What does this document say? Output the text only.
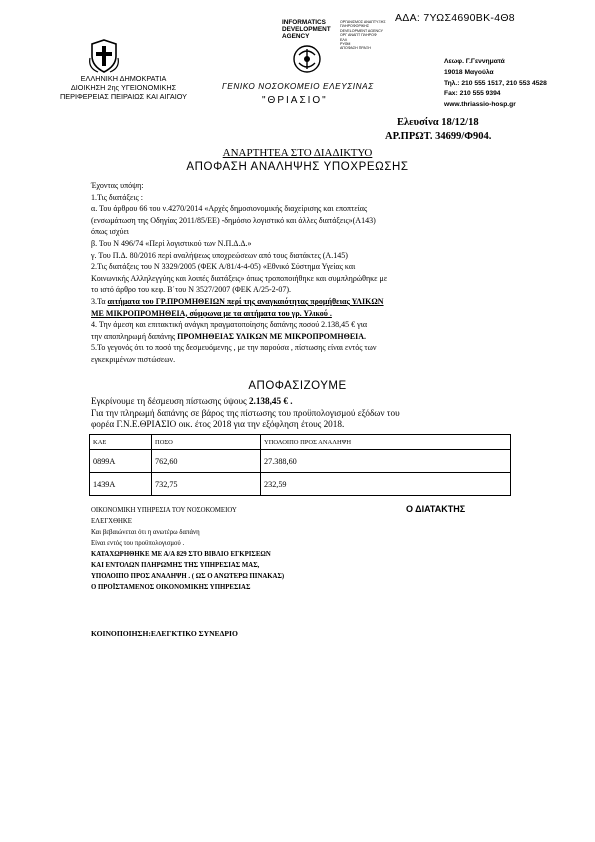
ΑΔΑ: 7ΥΩΣ4690ΒΚ-4Θ8
ΕΛΛΗΝΙΚΗ ΔΗΜΟΚΡΑΤΙΑ
ΔΙΟΙΚΗΣΗ 2ης ΥΓΕΙΟΝΟΜΙΚΗΣ
ΠΕΡΙΦΕΡΕΙΑΣ ΠΕΙΡΑΙΩΣ ΚΑΙ ΑΙΓΑΙΟΥ
INFORMATICS
DEVELOPMENT
AGENCY
ΟΡΓΑΝΙΣΜΟΣ ΑΝΑΠΤΥΞΗΣ
ΠΛΗΡΟΦΟΡΙΚΗΣ
DEVELOPMENT AGENCY
ΟΡΓ ΑΝΑΠΤ ΠΛΗΡΟΦ
ΕΛΛ
ΡΥΘΜ
ΑΠΟΦΑΣΗ ΠΡΑΞΗ
ΓΕΝΙΚΟ ΝΟΣΟΚΟΜΕΙΟ ΕΛΕΥΣΙΝΑΣ
"ΘΡΙΑΣΙΟ"
Λεωφ. Γ.Γεννηματά
19018 Μαγούλα
Τηλ.: 210 555 1517, 210 553 4528
Fax: 210 555 9394
www.thriassio-hosp.gr
Ελευσίνα 18/12/18
ΑΡ.ΠΡΩΤ. 34699/Φ904.
ΑΝΑΡΤΗΤΕΑ ΣΤΟ ΔΙΑΔΙΚΤΥΟ
ΑΠΟΦΑΣΗ ΑΝΑΛΗΨΗΣ ΥΠΟΧΡΕΩΣΗΣ

Έχοντας υπόψη:

1.Τις διατάξεις :

α. Του άρθρου 66 του ν.4270/2014 «Αρχές δημοσιονομικής διαχείρισης και εποπτείας

(ενσωμάτωση της Οδηγίας 2011/85/ΕΕ) -δημόσιο λογιστικό και άλλες διατάξεις»(Α143)

όπως ισχύει

β. Του Ν 496/74 «Περί λογιστικού των Ν.Π.Δ.Δ.»

γ. Του Π.Δ. 80/2016 περί αναλήψεως υποχρεώσεων από τους διατάκτες (Α.145)

2.Τις διατάξεις του Ν 3329/2005 (ΦΕΚ Α/81/4-4-05) «Εθνικό Σύστημα Υγείας και

Κοινωνικής Αλληλεγγύης και λοιπές διατάξεις» όπως τροποποιήθηκε και συμπληρώθηκε με

το ιστό άρθρο του κεφ. Β΄του Ν 3527/2007 (ΦΕΚ Α/25-2-07).

3.Τα αιτήματα του ΓΡ.ΠΡΟΜΗΘΕΙΩΝ περί της αναγκαιότητας προμήθειας ΥΛΙΚΩΝ

ΜΕ ΜΙΚΡΟΠΡΟΜΗΘΕΙΑ, σύμφωνα με τα αιτήματα του γρ. Υλικού .

4. Την άμεση και επιτακτική ανάγκη πραγματοποίησης δαπάνης ποσού 2.138,45 € για

την αποπληρωμή δαπάνης ΠΡΟΜΗΘΕΙΑΣ ΥΛΙΚΩΝ ΜΕ ΜΙΚΡΟΠΡΟΜΗΘΕΙΑ.

5.Το γεγονός ότι το ποσό της δεσμευόμενης , με την παρούσα , πίστωσης είναι εντός των

εγκεκριμένων πιστώσεων.

ΑΠΟΦΑΣΙΖΟΥΜΕ
Εγκρίνουμε τη δέσμευση πίστωσης ύψους 2.138,45 € .
Για την πληρωμή δαπάνης σε βάρος της πίστωσης του προϋπολογισμού εξόδων του
φορέα Γ.Ν.Ε.ΘΡΙΑΣΙΟ οικ. έτος 2018 για την εξόφληση έτους 2018.
ΚΑΕ	ΠΟΣΟ	ΥΠΟΛΟΙΠΟ ΠΡΟΣ ΑΝΑΛΗΨΗ
0899Α	762,60	27.388,60
1439Α	732,75	232,59
ΟΙΚΟΝΟΜΙΚΗ ΥΠΗΡΕΣΙΑ ΤΟΥ ΝΟΣΟΚΟΜΕΙΟΥ
ΕΛΕΓΧΘΗΚΕ
Και βεβαιώνεται ότι η ανωτέρω δαπάνη
Είναι εντός του προϋπολογισμού .
ΚΑΤΑΧΩΡΗΘΗΚΕ ΜΕ Α/Α 829 ΣΤΟ ΒΙΒΛΙΟ ΕΓΚΡΙΣΕΩΝ
ΚΑΙ ΕΝΤΟΛΩΝ ΠΛΗΡΩΜΗΣ ΤΗΣ ΥΠΗΡΕΣΙΑΣ ΜΑΣ,
ΥΠΟΛΟΙΠΟ ΠΡΟΣ ΑΝΑΛΗΨΗ . ( ΩΣ Ο ΑΝΩΤΕΡΩ ΠΙΝΑΚΑΣ)
Ο ΠΡΟΪΣΤΑΜΕΝΟΣ ΟΙΚΟΝΟΜΙΚΗΣ ΥΠΗΡΕΣΙΑΣ
Ο ΔΙΑΤΑΚΤΗΣ
ΚΟΙΝΟΠΟΙΗΣΗ:ΕΛΕΓΚΤΙΚΟ ΣΥΝΕΔΡΙΟ
